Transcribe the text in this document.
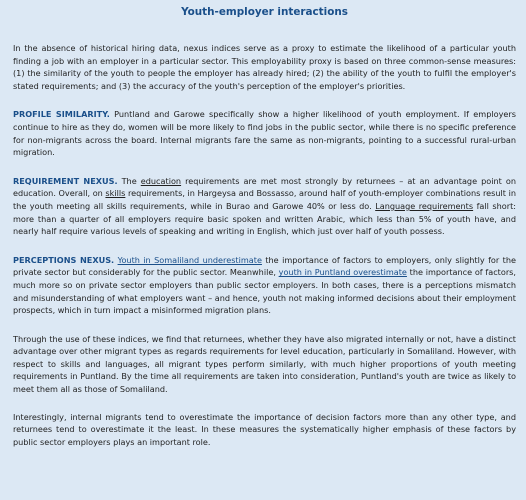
Youth-employer interactions

In the absence of historical hiring data, nexus indices serve as a proxy to estimate the likelihood of a particular youth finding a job with an employer in a particular sector. This employability proxy is based on three common-sense measures: (1) the similarity of the youth to people the employer has already hired; (2) the ability of the youth to fulfil the employer's stated requirements; and (3) the accuracy of the youth's perception of the employer's priorities.

PROFILE SIMILARITY. Puntland and Garowe specifically show a higher likelihood of youth employment. If employers continue to hire as they do, women will be more likely to find jobs in the public sector, while there is no specific preference for non-migrants across the board. Internal migrants fare the same as non-migrants, pointing to a successful rural-urban migration.

REQUIREMENT NEXUS. The education requirements are met most strongly by returnees – at an advantage point on education. Overall, on skills requirements, in Hargeysa and Bossasso, around half of youth-employer combinations result in the youth meeting all skills requirements, while in Burao and Garowe 40% or less do. Language requirements fall short: more than a quarter of all employers require basic spoken and written Arabic, which less than 5% of youth have, and nearly half require various levels of speaking and writing in English, which just over half of youth possess.

PERCEPTIONS NEXUS. Youth in Somaliland underestimate the importance of factors to employers, only slightly for the private sector but considerably for the public sector. Meanwhile, youth in Puntland overestimate the importance of factors, much more so on private sector employers than public sector employers. In both cases, there is a perceptions mismatch and misunderstanding of what employers want – and hence, youth not making informed decisions about their employment prospects, which in turn impact a misinformed migration plans.

Through the use of these indices, we find that returnees, whether they have also migrated internally or not, have a distinct advantage over other migrant types as regards requirements for level education, particularly in Somaliland. However, with respect to skills and languages, all migrant types perform similarly, with much higher proportions of youth meeting requirements in Puntland. By the time all requirements are taken into consideration, Puntland's youth are twice as likely to meet them all as those of Somaliland.

Interestingly, internal migrants tend to overestimate the importance of decision factors more than any other type, and returnees tend to overestimate it the least. In these measures the systematically higher emphasis of these factors by public sector employers plays an important role.
